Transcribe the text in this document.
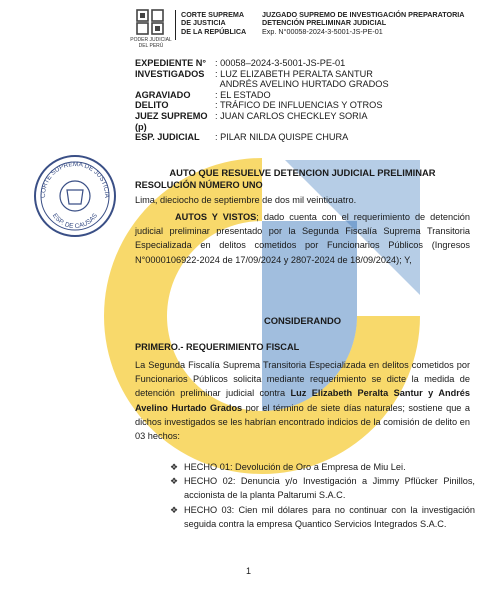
PODER JUDICIAL
DEL PERÚ
CORTE SUPREMA
DE JUSTICIA
DE LA REPÚBLICA
JUZGADO SUPREMO DE INVESTIGACIÓN PREPARATORIA
DETENCIÓN PRELIMINAR JUDICIAL
Exp. N°00058-2024-3-5001-JS-PE-01
EXPEDIENTE N° : 00058–2024-3-5001-JS-PE-01
INVESTIGADOS	: LUZ ELIZABETH PERALTA SANTUR
ANDRÉS AVELINO HURTADO GRADOS
AGRAVIADO	: EL ESTADO
DELITO	: TRÁFICO DE INFLUENCIAS Y OTROS
JUEZ SUPREMO (p)
: JUAN CARLOS CHECKLEY SORIA
ESP. JUDICIAL	: PILAR NILDA QUISPE CHURA
CORTE SUPREMA DE JUSTICIA
ESP. DE CAUSAS
AUTO QUE RESUELVE DETENCION JUDICIAL PRELIMINAR
RESOLUCIÓN NÚMERO UNO
Lima, dieciocho de septiembre de dos mil veinticuatro.
AUTOS Y VISTOS; dado cuenta con el requerimiento de detención judicial preliminar presentado por la Segunda Fiscalía Suprema Transitoria Especializada en delitos cometidos por Funcionarios Públicos (Ingresos N°0000106922-2024 de 17/09/2024 y 2807-2024 de 18/09/2024); Y,
CONSIDERANDO
PRIMERO.- REQUERIMIENTO FISCAL
La Segunda Fiscalía Suprema Transitoria Especializada en delitos cometidos por Funcionarios Públicos solicita mediante requerimiento se dicte la medida de detención preliminar judicial contra Luz Elizabeth Peralta Santur y Andrés Avelino Hurtado Grados por el término de siete días naturales; sostiene que a dichos investigados se les habrían encontrado indicios de la comisión de delito en 03 hechos:
❖ HECHO 01: Devolución de Oro a Empresa de Miu Lei.
❖ HECHO 02: Denuncia y/o Investigación a Jimmy Pflücker Pinillos, accionista de la planta Paltarumi S.A.C.
❖ HECHO 03: Cien mil dólares para no continuar con la investigación seguida contra la empresa Quantico Servicios Integrados S.A.C.
1
